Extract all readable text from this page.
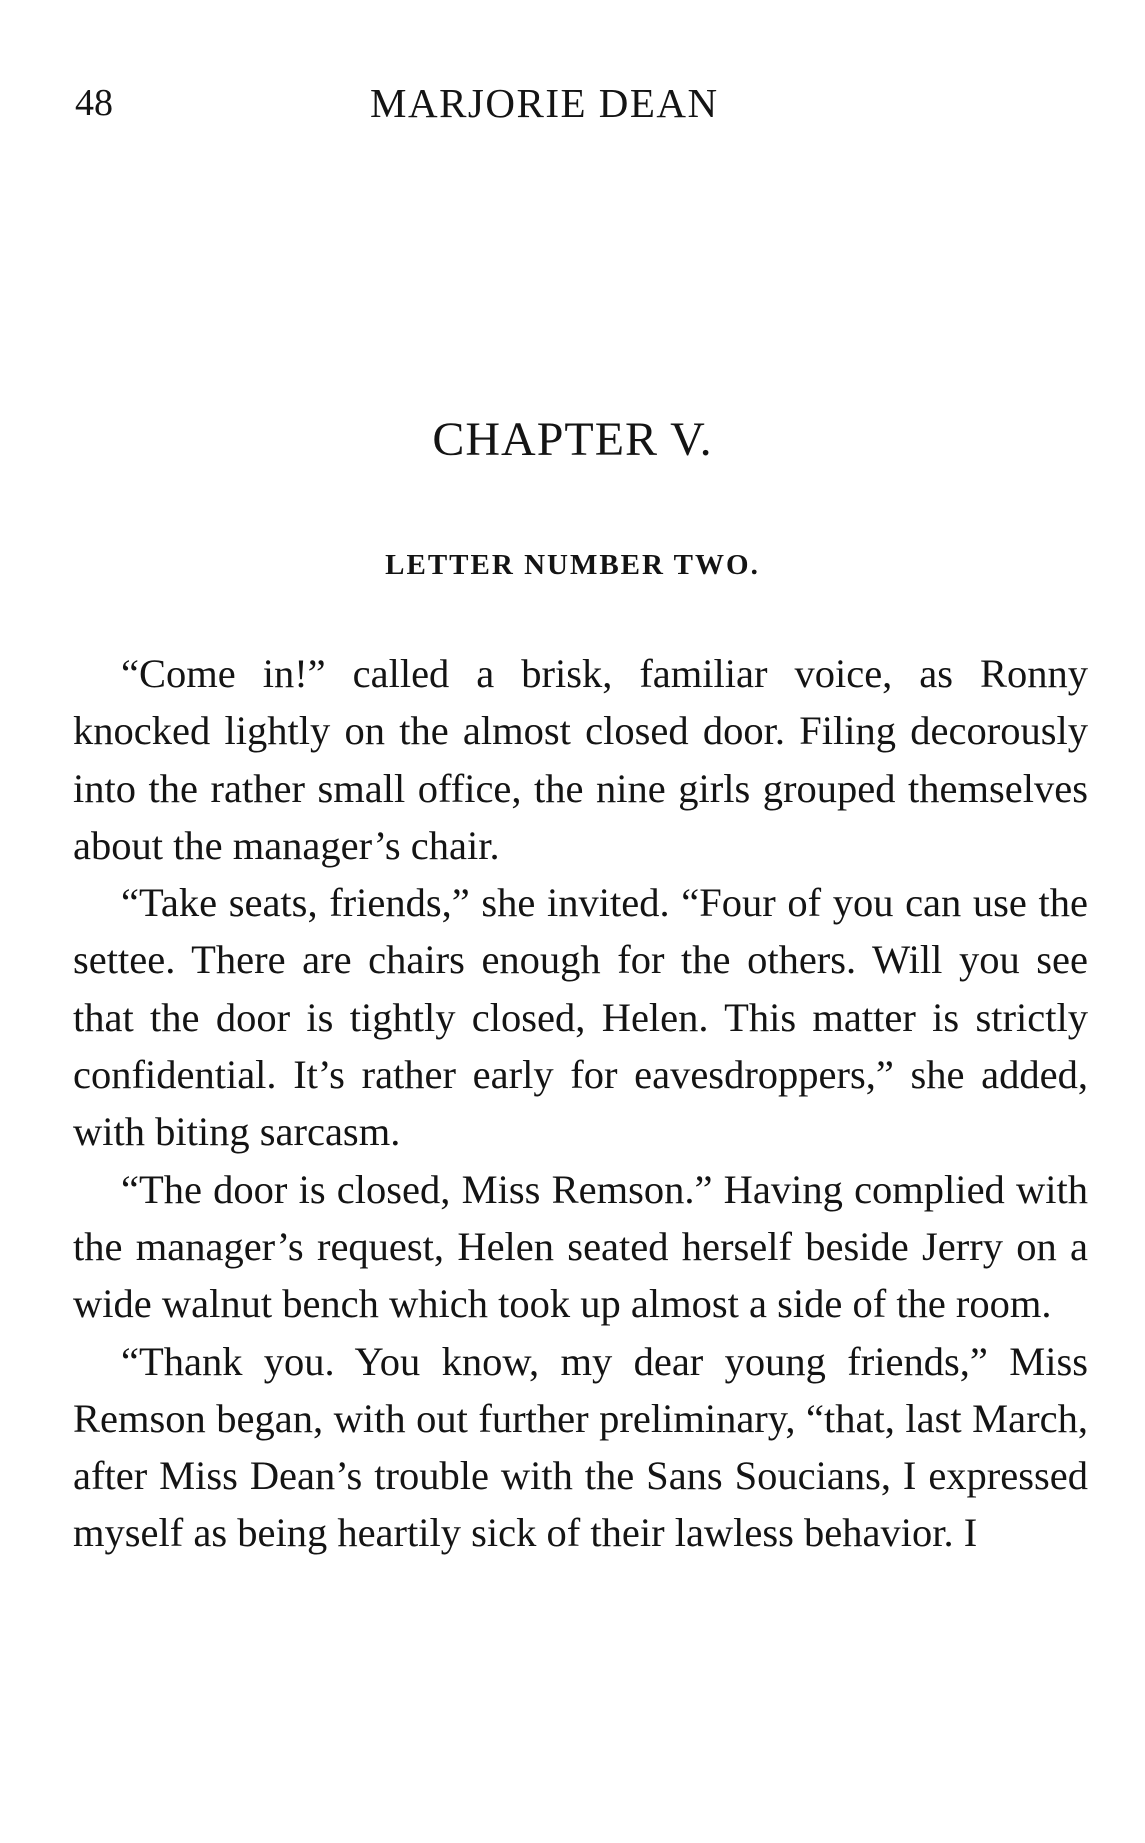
48	MARJORIE DEAN
CHAPTER V.
LETTER NUMBER TWO.

“Come in!” called a brisk, familiar voice, as Ronny knocked lightly on the almost closed door. Filing decorously into the rather small office, the nine girls grouped themselves about the manager’s chair.

“Take seats, friends,” she invited. “Four of you can use the settee. There are chairs enough for the others. Will you see that the door is tightly closed, Helen. This matter is strictly confidential. It’s rather early for eavesdroppers,” she added, with biting sarcasm.

“The door is closed, Miss Remson.” Having complied with the manager’s request, Helen seated herself beside Jerry on a wide walnut bench which took up almost a side of the room.

“Thank you. You know, my dear young friends,” Miss Remson began, with out further preliminary, “that, last March, after Miss Dean’s trouble with the Sans Soucians, I expressed myself as being heartily sick of their lawless behavior. I
